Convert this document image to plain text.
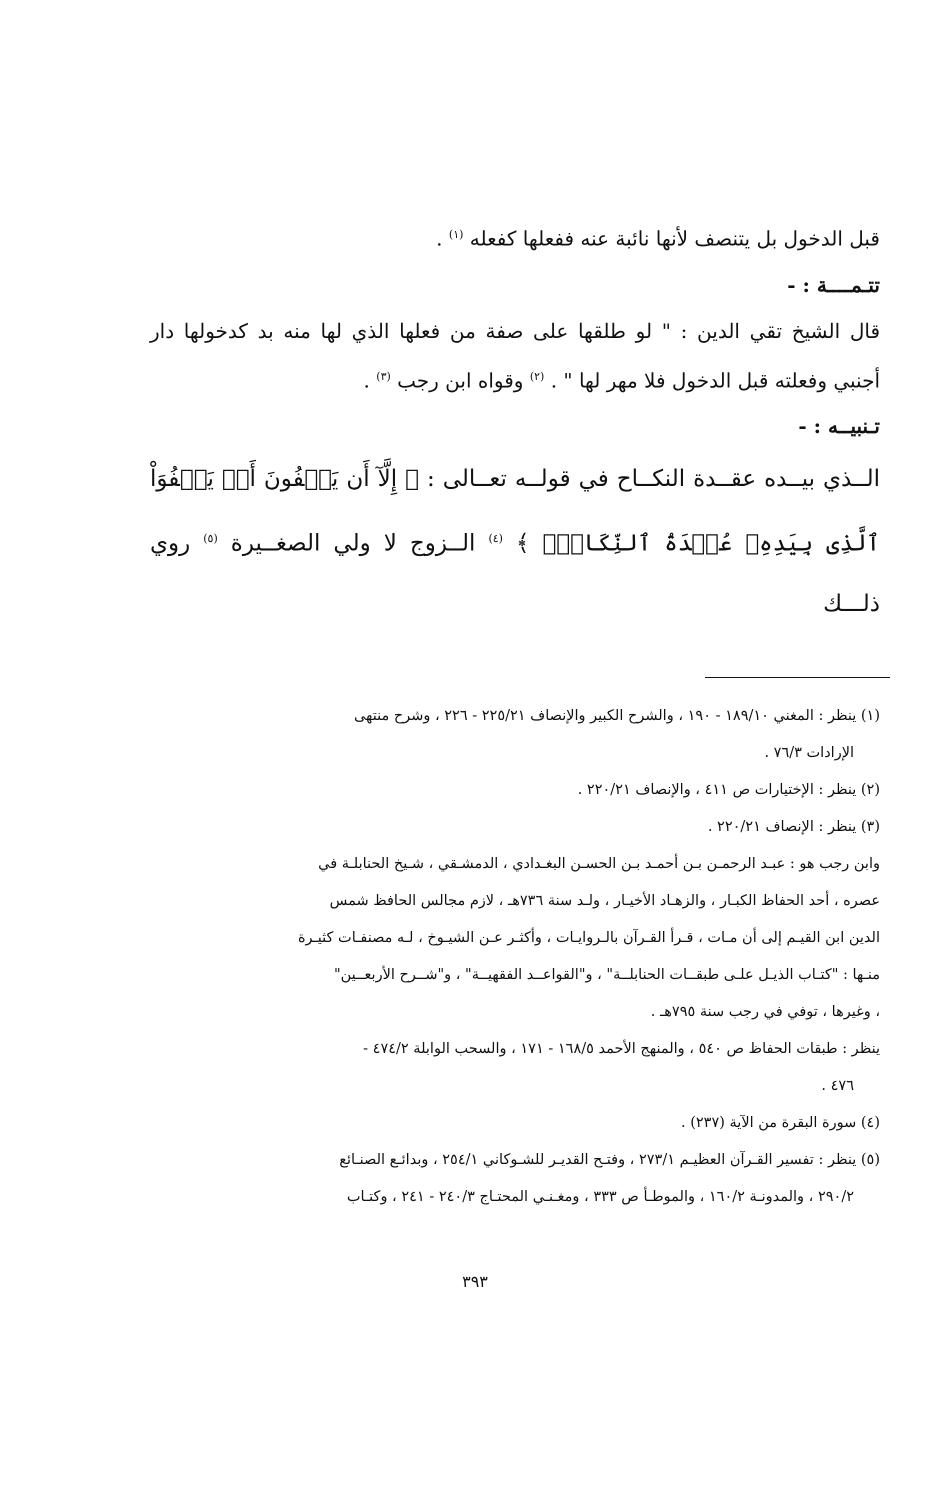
قبل الدخول بل يتنصف لأنها نائبة عنه ففعلها كفعله $^{(١)}$ .

تتـمــــة : -

قال الشيخ تقي الدين : " لو طلقها على صفة من فعلها الذي لها منه بد كدخولها دار

أجنبي وفعلته قبل الدخول فلا مهر لها " . $^{(٢)}$ وقواه ابن رجب $^{(٣)}$ .

تـنبيــه : -

الــذي بيــده عقــدة النكــاح في قولــه تعــالى : ﴿ إِلَّآ أَن يَعۡفُونَ أَوۡ يَعۡفُوَاْ

ٱلَّذِى بِيَدِهِۦ عُقۡدَةُ ٱلنِّكَاحِۚ ﴾ $^{(٤)}$ الــزوج لا ولي الصغــيرة $^{(٥)}$ روي ذلـــك

(١) ينظر : المغني ١٨٩/١٠ - ١٩٠ ، والشرح الكبير والإنصاف ٢٢٥/٢١ - ٢٢٦ ، وشرح منتهى

الإرادات ٧٦/٣ .

(٢) ينظر : الإختيارات ص ٤١١ ، والإنصاف ٢٢٠/٢١ .

(٣) ينظر : الإنصاف ٢٢٠/٢١ .

وابن رجب هو : عبـد الرحمـن بـن أحمـد بـن الحسـن البغـدادي ، الدمشـقي ، شـيخ الحنابلـة في

عصره ، أحد الحفاظ الكبـار ، والزهـاد الأخيـار ، ولـد سنة ٧٣٦هـ ، لازم مجالس الحافظ شمس

الدين ابن القيـم إلى أن مـات ، قـرأ القـرآن بالـروايـات ، وأكثـر عـن الشيـوخ ، لـه مصنفـات كثيـرة

منـها : "كتـاب الذيـل علـى طبقــات الحنابلــة" ، و"القواعــد الفقهيــة" ، و"شــرح الأربعــين"

، وغيرها ، توفي في رجب سنة ٧٩٥هـ .

ينظر : طبقات الحفاظ ص ٥٤٠ ، والمنهج الأحمد ١٦٨/٥ - ١٧١ ، والسحب الوابلة ٤٧٤/٢ -

٤٧٦ .

(٤) سورة البقرة من الآية (٢٣٧) .

(٥) ينظر : تفسير القـرآن العظيـم ٢٧٣/١ ، وفتـح القديـر للشـوكاني ٢٥٤/١ ، وبدائـع الصنـائع

٢٩٠/٢ ، والمدونـة ١٦٠/٢ ، والموطـأ ص ٣٣٣ ، ومغـنـي المحتـاج ٢٤٠/٣ - ٢٤١ ، وكتـاب

٣٩٣
